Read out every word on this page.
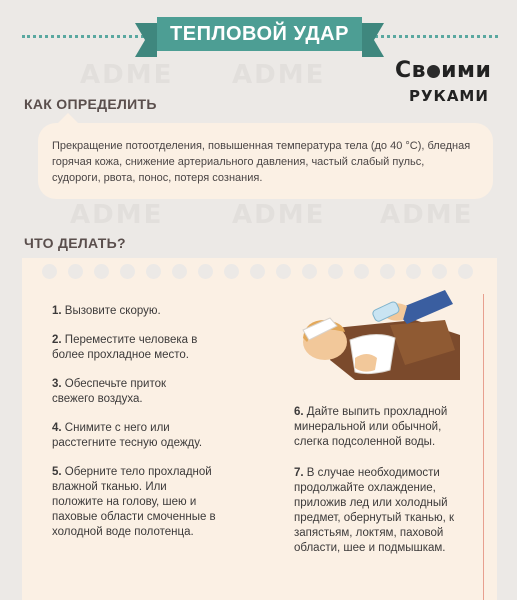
ADME ADME
ADME	ADME ADME
ТЕПЛОВОЙ УДАР
Св ими
РУКАМИ
КАК ОПРЕДЕЛИТЬ
Прекращение потоотделения, повышенная температура тела (до 40 °С), бледная горячая кожа, снижение артериального давления, частый слабый пульс, судороги, рвота, понос, потеря сознания.
ЧТО ДЕЛАТЬ?
1. Вызовите скорую.
2. Переместите человека в более прохладное место.
3. Обеспечьте приток свежего воздуха.
4. Снимите с него или расстегните тесную одежду.
5. Оберните тело прохладной влажной тканью. Или положите на голову, шею и паховые области смоченные в холодной воде полотенца.
6. Дайте выпить прохладной минеральной или обычной, слегка подсоленной воды.
7. В случае необходимости продолжайте охлаждение, приложив лед или холодный предмет, обернутый тканью, к запястьям, локтям, паховой области, шее и подмышкам.
